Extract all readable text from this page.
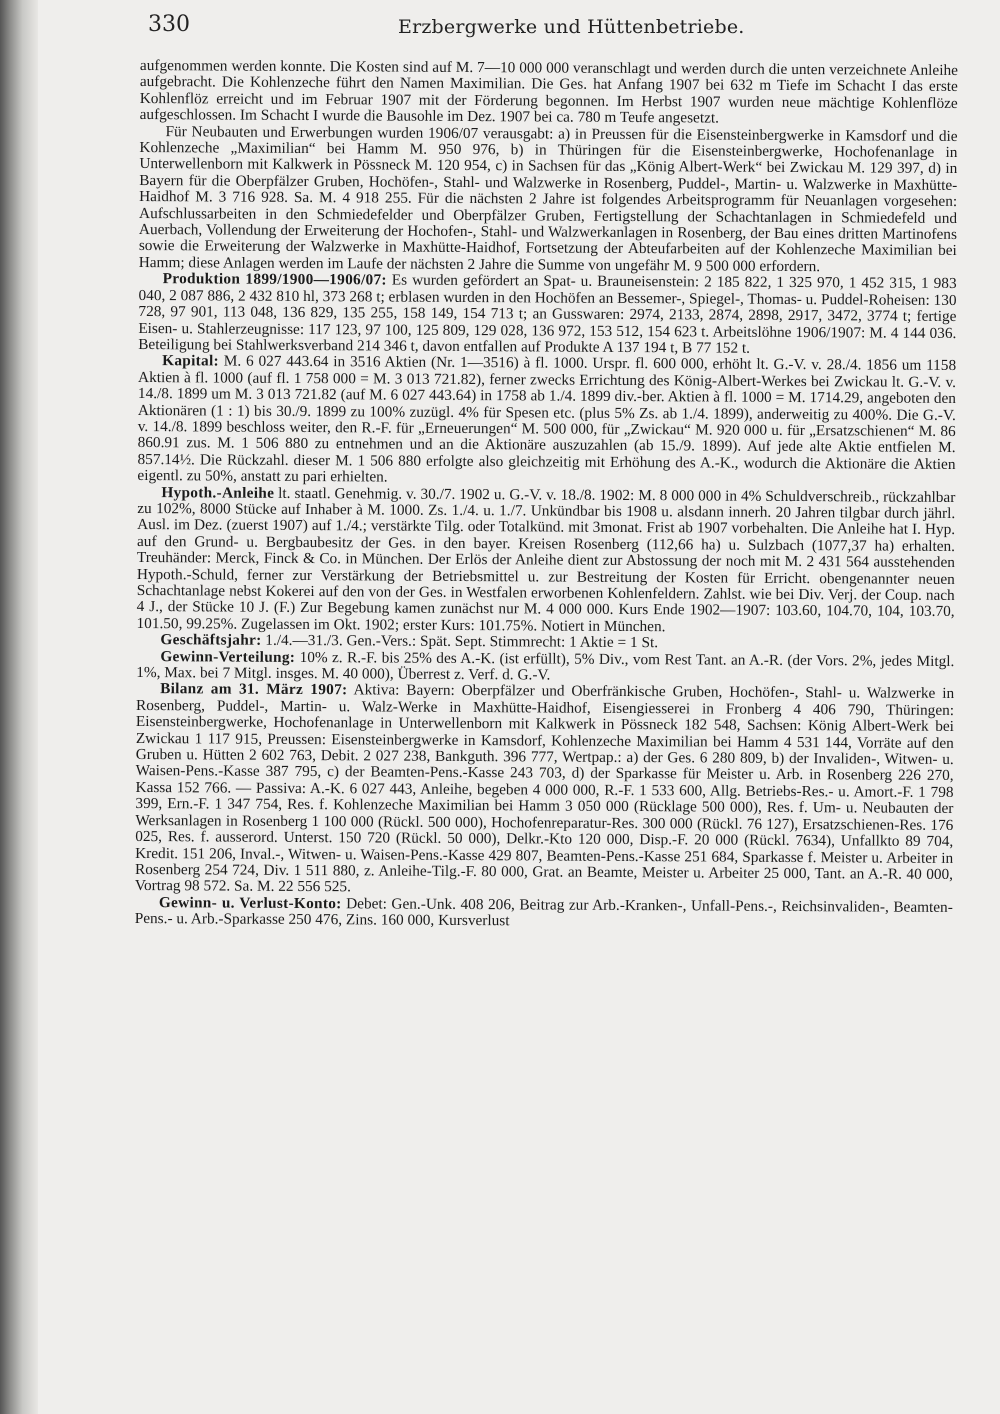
330	Erzbergwerke und Hüttenbetriebe.

aufgenommen werden konnte. Die Kosten sind auf M. 7—10 000 000 veranschlagt und werden durch die unten verzeichnete Anleihe aufgebracht. Die Kohlenzeche führt den Namen Maximilian. Die Ges. hat Anfang 1907 bei 632 m Tiefe im Schacht I das erste Kohlenflöz erreicht und im Februar 1907 mit der Förderung begonnen. Im Herbst 1907 wurden neue mächtige Kohlenflöze aufgeschlossen. Im Schacht I wurde die Bausohle im Dez. 1907 bei ca. 780 m Teufe angesetzt.

Für Neubauten und Erwerbungen wurden 1906/07 verausgabt: a) in Preussen für die Eisensteinbergwerke in Kamsdorf und die Kohlenzeche „Maximilian“ bei Hamm M. 950 976, b) in Thüringen für die Eisensteinbergwerke, Hochofenanlage in Unterwellenborn mit Kalkwerk in Pössneck M. 120 954, c) in Sachsen für das „König Albert-Werk“ bei Zwickau M. 129 397, d) in Bayern für die Oberpfälzer Gruben, Hochöfen-, Stahl- und Walzwerke in Rosenberg, Puddel-, Martin- u. Walzwerke in Maxhütte-Haidhof M. 3 716 928. Sa. M. 4 918 255. Für die nächsten 2 Jahre ist folgendes Arbeitsprogramm für Neuanlagen vorgesehen: Aufschlussarbeiten in den Schmiedefelder und Oberpfälzer Gruben, Fertigstellung der Schachtanlagen in Schmiedefeld und Auerbach, Vollendung der Erweiterung der Hochofen-, Stahl- und Walzwerkanlagen in Rosenberg, der Bau eines dritten Martinofens sowie die Erweiterung der Walzwerke in Maxhütte-Haidhof, Fortsetzung der Abteufarbeiten auf der Kohlenzeche Maximilian bei Hamm; diese Anlagen werden im Laufe der nächsten 2 Jahre die Summe von ungefähr M. 9 500 000 erfordern.

Produktion 1899/1900—1906/07: Es wurden gefördert an Spat- u. Brauneisenstein: 2 185 822, 1 325 970, 1 452 315, 1 983 040, 2 087 886, 2 432 810 hl, 373 268 t; erblasen wurden in den Hochöfen an Bessemer-, Spiegel-, Thomas- u. Puddel-Roheisen: 130 728, 97 901, 113 048, 136 829, 135 255, 158 149, 154 713 t; an Gusswaren: 2974, 2133, 2874, 2898, 2917, 3472, 3774 t; fertige Eisen- u. Stahlerzeugnisse: 117 123, 97 100, 125 809, 129 028, 136 972, 153 512, 154 623 t. Arbeitslöhne 1906/1907: M. 4 144 036. Beteiligung bei Stahlwerksverband 214 346 t, davon entfallen auf Produkte A 137 194 t, B 77 152 t.

Kapital: M. 6 027 443.64 in 3516 Aktien (Nr. 1—3516) à fl. 1000. Urspr. fl. 600 000, erhöht lt. G.-V. v. 28./4. 1856 um 1158 Aktien à fl. 1000 (auf fl. 1 758 000 = M. 3 013 721.82), ferner zwecks Errichtung des König-Albert-Werkes bei Zwickau lt. G.-V. v. 14./8. 1899 um M. 3 013 721.82 (auf M. 6 027 443.64) in 1758 ab 1./4. 1899 div.-ber. Aktien à fl. 1000 = M. 1714.29, angeboten den Aktionären (1 : 1) bis 30./9. 1899 zu 100% zuzügl. 4% für Spesen etc. (plus 5% Zs. ab 1./4. 1899), anderweitig zu 400%. Die G.-V. v. 14./8. 1899 beschloss weiter, den R.-F. für „Erneuerungen“ M. 500 000, für „Zwickau“ M. 920 000 u. für „Ersatzschienen“ M. 86 860.91 zus. M. 1 506 880 zu entnehmen und an die Aktionäre auszuzahlen (ab 15./9. 1899). Auf jede alte Aktie entfielen M. 857.14½. Die Rückzahl. dieser M. 1 506 880 erfolgte also gleichzeitig mit Erhöhung des A.-K., wodurch die Aktionäre die Aktien eigentl. zu 50%, anstatt zu pari erhielten.

Hypoth.-Anleihe lt. staatl. Genehmig. v. 30./7. 1902 u. G.-V. v. 18./8. 1902: M. 8 000 000 in 4% Schuldverschreib., rückzahlbar zu 102%, 8000 Stücke auf Inhaber à M. 1000. Zs. 1./4. u. 1./7. Unkündbar bis 1908 u. alsdann innerh. 20 Jahren tilgbar durch jährl. Ausl. im Dez. (zuerst 1907) auf 1./4.; verstärkte Tilg. oder Totalkünd. mit 3monat. Frist ab 1907 vorbehalten. Die Anleihe hat I. Hyp. auf den Grund- u. Bergbaubesitz der Ges. in den bayer. Kreisen Rosenberg (112,66 ha) u. Sulzbach (1077,37 ha) erhalten. Treuhänder: Merck, Finck & Co. in München. Der Erlös der Anleihe dient zur Abstossung der noch mit M. 2 431 564 ausstehenden Hypoth.-Schuld, ferner zur Verstärkung der Betriebsmittel u. zur Bestreitung der Kosten für Erricht. obengenannter neuen Schachtanlage nebst Kokerei auf den von der Ges. in Westfalen erworbenen Kohlenfeldern. Zahlst. wie bei Div. Verj. der Coup. nach 4 J., der Stücke 10 J. (F.) Zur Begebung kamen zunächst nur M. 4 000 000. Kurs Ende 1902—1907: 103.60, 104.70, 104, 103.70, 101.50, 99.25%. Zugelassen im Okt. 1902; erster Kurs: 101.75%. Notiert in München.

Geschäftsjahr: 1./4.—31./3. Gen.-Vers.: Spät. Sept. Stimmrecht: 1 Aktie = 1 St.

Gewinn-Verteilung: 10% z. R.-F. bis 25% des A.-K. (ist erfüllt), 5% Div., vom Rest Tant. an A.-R. (der Vors. 2%, jedes Mitgl. 1%, Max. bei 7 Mitgl. insges. M. 40 000), Überrest z. Verf. d. G.-V.

Bilanz am 31. März 1907: Aktiva: Bayern: Oberpfälzer und Oberfränkische Gruben, Hochöfen-, Stahl- u. Walzwerke in Rosenberg, Puddel-, Martin- u. Walz-Werke in Maxhütte-Haidhof, Eisengiesserei in Fronberg 4 406 790, Thüringen: Eisensteinbergwerke, Hochofenanlage in Unterwellenborn mit Kalkwerk in Pössneck 182 548, Sachsen: König Albert-Werk bei Zwickau 1 117 915, Preussen: Eisensteinbergwerke in Kamsdorf, Kohlenzeche Maximilian bei Hamm 4 531 144, Vorräte auf den Gruben u. Hütten 2 602 763, Debit. 2 027 238, Bankguth. 396 777, Wertpap.: a) der Ges. 6 280 809, b) der Invaliden-, Witwen- u. Waisen-Pens.-Kasse 387 795, c) der Beamten-Pens.-Kasse 243 703, d) der Sparkasse für Meister u. Arb. in Rosenberg 226 270, Kassa 152 766. — Passiva: A.-K. 6 027 443, Anleihe, begeben 4 000 000, R.-F. 1 533 600, Allg. Betriebs-Res.- u. Amort.-F. 1 798 399, Ern.-F. 1 347 754, Res. f. Kohlenzeche Maximilian bei Hamm 3 050 000 (Rücklage 500 000), Res. f. Um- u. Neubauten der Werksanlagen in Rosenberg 1 100 000 (Rückl. 500 000), Hochofenreparatur-Res. 300 000 (Rückl. 76 127), Ersatzschienen-Res. 176 025, Res. f. ausserord. Unterst. 150 720 (Rückl. 50 000), Delkr.-Kto 120 000, Disp.-F. 20 000 (Rückl. 7634), Unfallkto 89 704, Kredit. 151 206, Inval.-, Witwen- u. Waisen-Pens.-Kasse 429 807, Beamten-Pens.-Kasse 251 684, Sparkasse f. Meister u. Arbeiter in Rosenberg 254 724, Div. 1 511 880, z. Anleihe-Tilg.-F. 80 000, Grat. an Beamte, Meister u. Arbeiter 25 000, Tant. an A.-R. 40 000, Vortrag 98 572. Sa. M. 22 556 525.

Gewinn- u. Verlust-Konto: Debet: Gen.-Unk. 408 206, Beitrag zur Arb.-Kranken-, Unfall-Pens.-, Reichsinvaliden-, Beamten-Pens.- u. Arb.-Sparkasse 250 476, Zins. 160 000, Kursverlust
